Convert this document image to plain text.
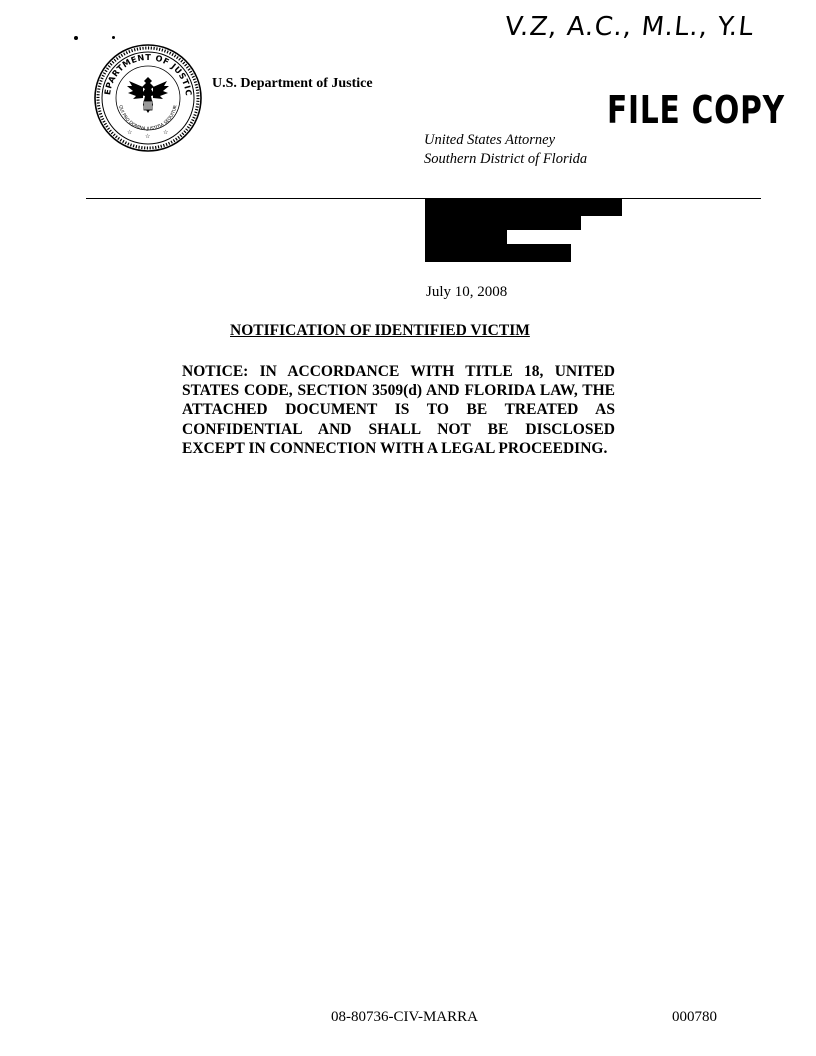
V.Z, A.C., M.L., Y.L
EPARTMENT OF JUSTIC
QUI PRO DOMINA JUSTITIA SEQUITUR
☆
☆
☆
U.S. Department of Justice
FILE COPY
United States Attorney
Southern District of Florida
July 10, 2008
NOTIFICATION OF IDENTIFIED VICTIM
NOTICE: IN ACCORDANCE WITH TITLE 18, UNITED STATES CODE, SECTION 3509(d) AND FLORIDA LAW, THE ATTACHED DOCUMENT IS TO BE TREATED AS CONFIDENTIAL AND SHALL NOT BE DISCLOSED EXCEPT IN CONNECTION WITH A LEGAL PROCEEDING.
08-80736-CIV-MARRA	000780
